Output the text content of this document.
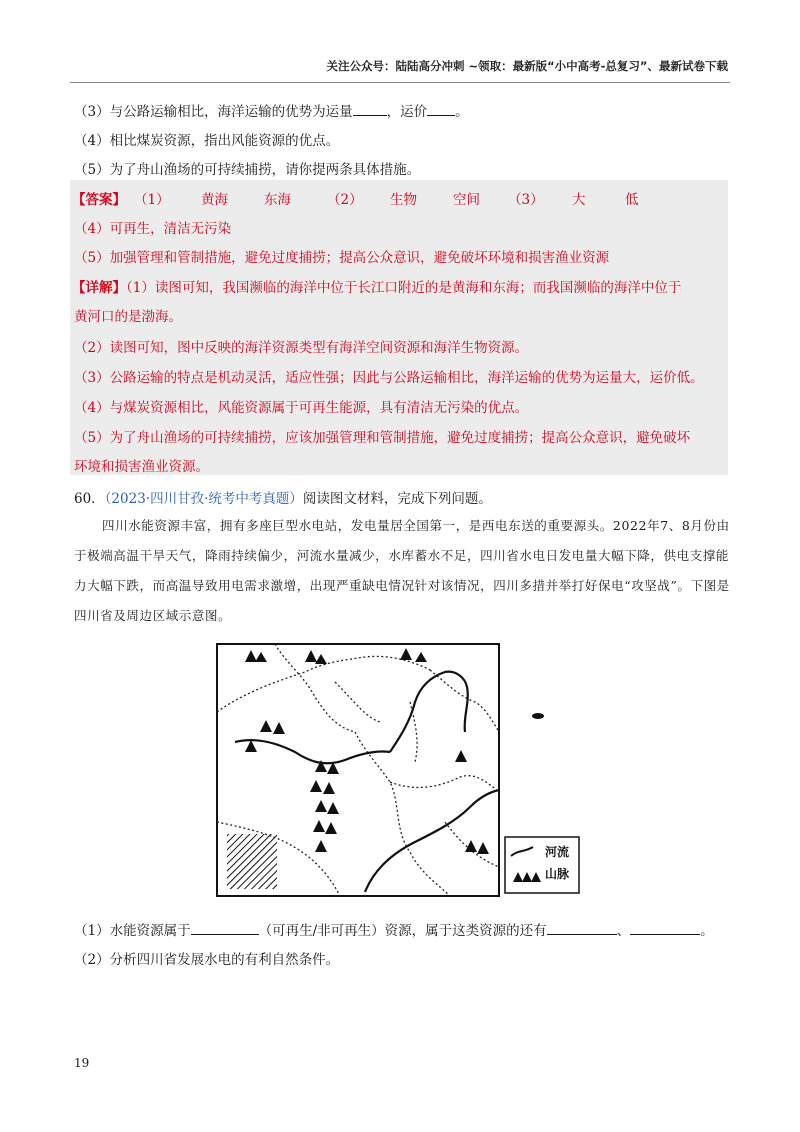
关注公众号：陆陆高分冲刺 ~领取：最新版“小中高考-总复习”、最新试卷下载
（3）与公路运输相比，海洋运输的优势为运量	，运价 。
（4）相比煤炭资源，指出风能资源的优点。
（5）为了舟山渔场的可持续捕捞，请你提两条具体措施。
【答案】 （1） 黄海	东海	（2） 生物	空间 （3） 大	低
（4）可再生，清洁无污染
（5）加强管理和管制措施，避免过度捕捞；提高公众意识，避免破坏环境和损害渔业资源
【详解】（1）读图可知，我国濒临的海洋中位于长江口附近的是黄海和东海；而我国濒临的海洋中位于
黄河口的是渤海。
（2）读图可知，图中反映的海洋资源类型有海洋空间资源和海洋生物资源。
（3）公路运输的特点是机动灵活，适应性强；因此与公路运输相比，海洋运输的优势为运量大，运价低。
（4）与煤炭资源相比，风能资源属于可再生能源，具有清洁无污染的优点。
（5）为了舟山渔场的可持续捕捞，应该加强管理和管制措施，避免过度捕捞；提高公众意识，避免破坏
环境和损害渔业资源。
60．（2023·四川甘孜·统考中考真题）阅读图文材料，完成下列问题。

四川水能资源丰富，拥有多座巨型水电站，发电量居全国第一，是西电东送的重要源头。2022年7、8月份由于极端高温干旱天气，降雨持续偏少，河流水量减少，水库蓄水不足，四川省水电日发电量大幅下降，供电支撑能力大幅下跌，而高温导致用电需求激增，出现严重缺电情况针对该情况，四川多措并举打好保电“攻坚战”。下图是四川省及周边区域示意图。

河流
山脉
（1）水能资源属于	（可再生/非可再生）资源，属于这类资源的还有	、	。
（2）分析四川省发展水电的有利自然条件。
19
